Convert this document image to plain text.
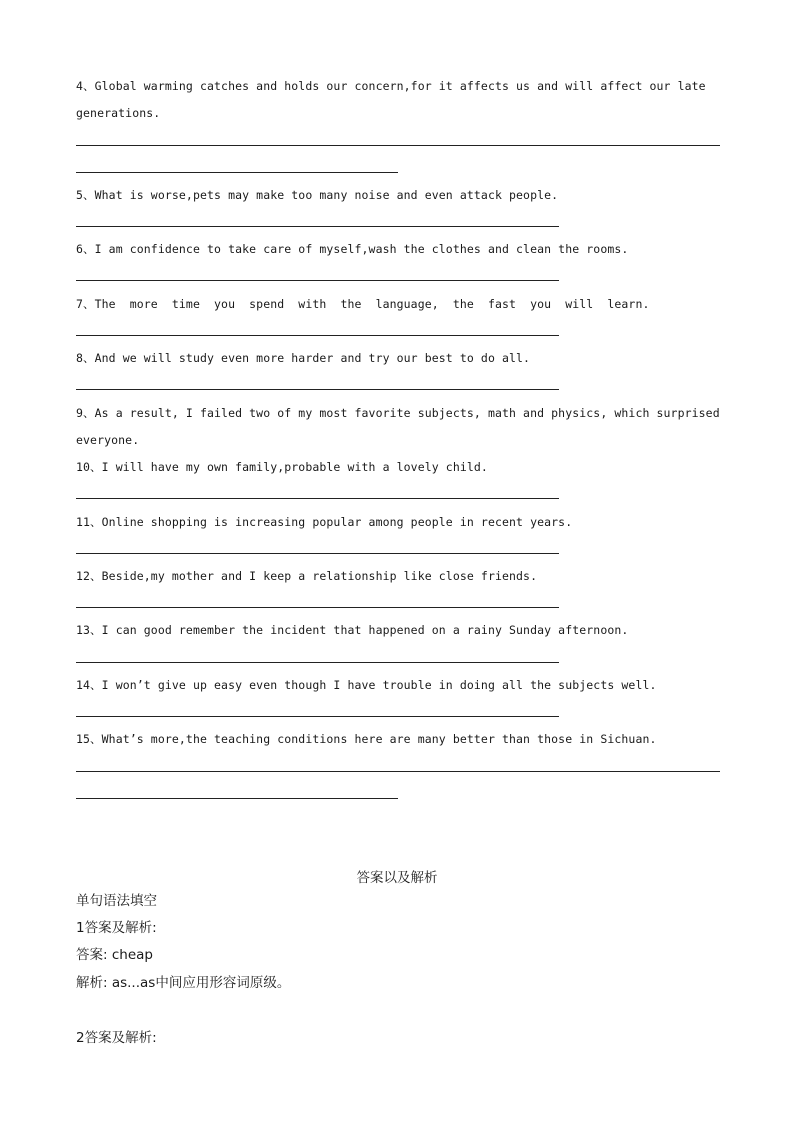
4、Global warming catches and holds our concern,for it affects us and will affect our late
generations.
5、What is worse,pets may make too many noise and even attack people.
6、I am confidence to take care of myself,wash the clothes and clean the rooms.
7、The  more  time  you  spend  with  the  language,  the  fast  you  will  learn.
8、And we will study even more harder and try our best to do all.
9、As a result, I failed two of my most favorite subjects, math and physics, which surprised
everyone.
10、I will have my own family,probable with a lovely child.
11、Online shopping is increasing popular among people in recent years.
12、Beside,my mother and I keep a relationship like close friends.
13、I can good remember the incident that happened on a rainy Sunday afternoon.
14、I won’t give up easy even though I have trouble in doing all the subjects well.
15、What’s more,the teaching conditions here are many better than those in Sichuan.
答案以及解析
单句语法填空
1答案及解析:
答案: cheap
解析: as...as中间应用形容词原级。
2答案及解析:
